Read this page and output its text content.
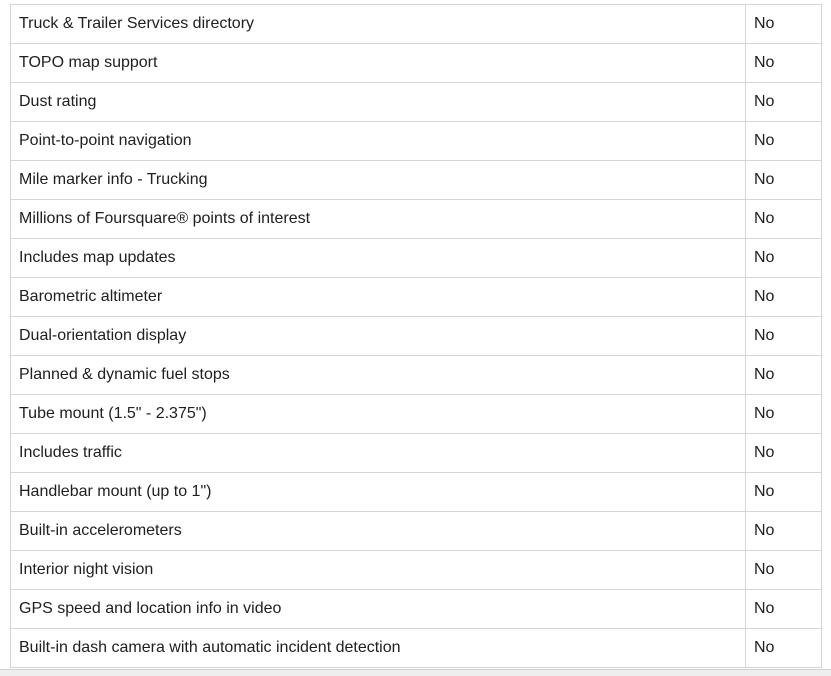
Truck & Trailer Services directory	No
TOPO map support	No
Dust rating	No
Point-to-point navigation	No
Mile marker info - Trucking	No
Millions of Foursquare® points of interest	No
Includes map updates	No
Barometric altimeter	No
Dual-orientation display	No
Planned & dynamic fuel stops	No
Tube mount (1.5" - 2.375")	No
Includes traffic	No
Handlebar mount (up to 1")	No
Built-in accelerometers	No
Interior night vision	No
GPS speed and location info in video	No
Built-in dash camera with automatic incident detection	No
